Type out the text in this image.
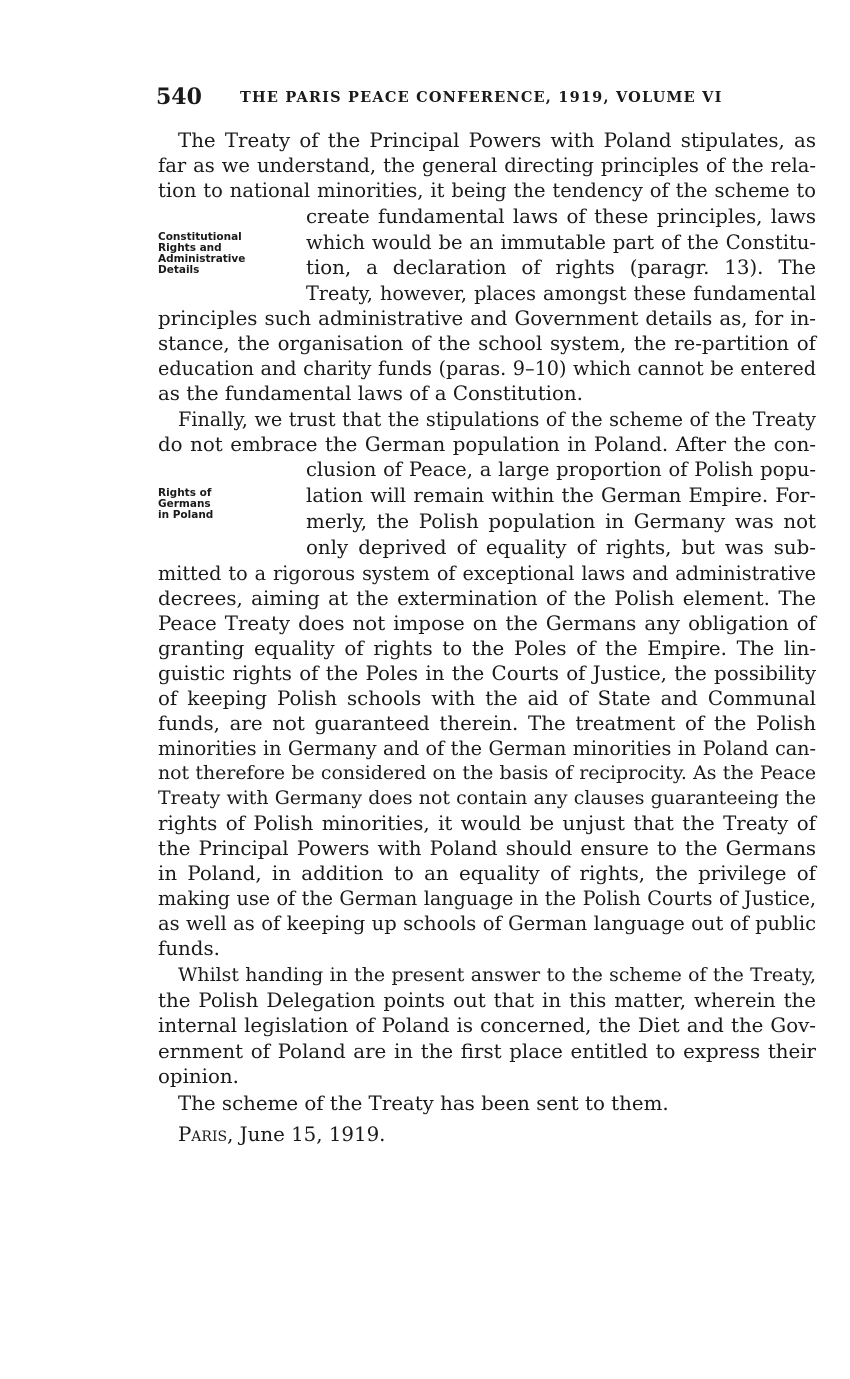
540	THE PARIS PEACE CONFERENCE, 1919, VOLUME VI
Constitutional
Rights and
Administrative
Details
Rights of
Germans
in Poland
The Treaty of the Principal Powers with Poland stipulates, as
far as we understand, the general directing principles of the rela-
tion to national minorities, it being the tendency of the scheme to
create fundamental laws of these principles, laws
which would be an immutable part of the Constitu-
tion, a declaration of rights (paragr. 13). The
Treaty, however, places amongst these fundamental
principles such administrative and Government details as, for in-
stance, the organisation of the school system, the re-partition of
education and charity funds (paras. 9–10) which cannot be entered
as the fundamental laws of a Constitution.
Finally, we trust that the stipulations of the scheme of the Treaty
do not embrace the German population in Poland. After the con-
clusion of Peace, a large proportion of Polish popu-
lation will remain within the German Empire. For-
merly, the Polish population in Germany was not
only deprived of equality of rights, but was sub-
mitted to a rigorous system of exceptional laws and administrative
decrees, aiming at the extermination of the Polish element. The
Peace Treaty does not impose on the Germans any obligation of
granting equality of rights to the Poles of the Empire. The lin-
guistic rights of the Poles in the Courts of Justice, the possibility
of keeping Polish schools with the aid of State and Communal
funds, are not guaranteed therein. The treatment of the Polish
minorities in Germany and of the German minorities in Poland can-
not therefore be considered on the basis of reciprocity. As the Peace
Treaty with Germany does not contain any clauses guaranteeing the
rights of Polish minorities, it would be unjust that the Treaty of
the Principal Powers with Poland should ensure to the Germans
in Poland, in addition to an equality of rights, the privilege of
making use of the German language in the Polish Courts of Justice,
as well as of keeping up schools of German language out of public
funds.
Whilst handing in the present answer to the scheme of the Treaty,
the Polish Delegation points out that in this matter, wherein the
internal legislation of Poland is concerned, the Diet and the Gov-
ernment of Poland are in the first place entitled to express their
opinion.
The scheme of the Treaty has been sent to them.
Paris, June 15, 1919.
